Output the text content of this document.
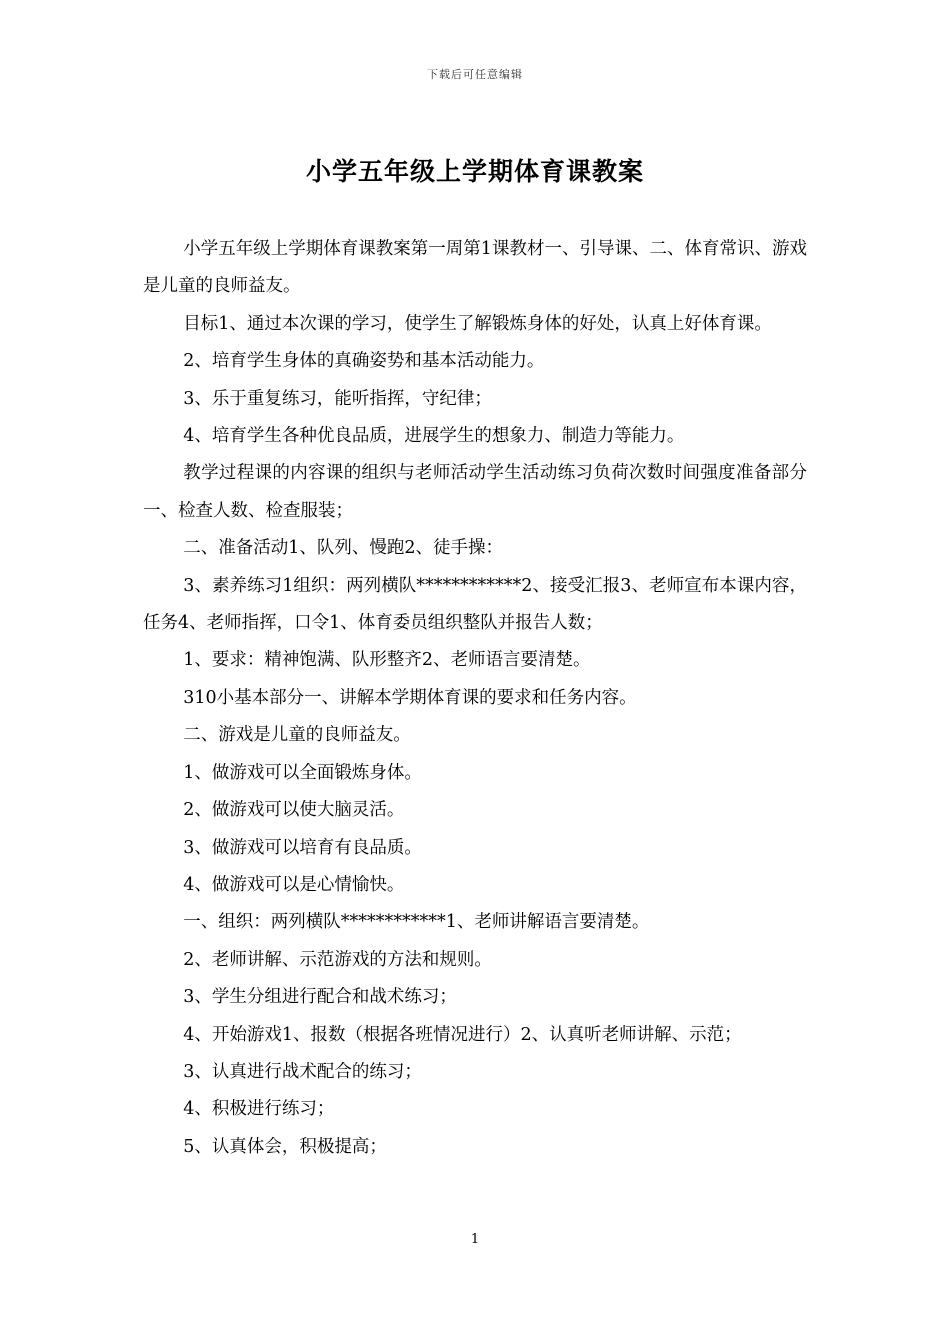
下载后可任意编辑
小学五年级上学期体育课教案

小学五年级上学期体育课教案第一周第1课教材一、引导课、二、体育常识、游戏是儿童的良师益友。

目标1、通过本次课的学习，使学生了解锻炼身体的好处，认真上好体育课。

2、培育学生身体的真确姿势和基本活动能力。

3、乐于重复练习，能听指挥，守纪律；

4、培育学生各种优良品质，进展学生的想象力、制造力等能力。

教学过程课的内容课的组织与老师活动学生活动练习负荷次数时间强度准备部分一、检查人数、检查服装；

二、准备活动1、队列、慢跑2、徒手操：

3、素养练习1组织：两列横队************2、接受汇报3、老师宣布本课内容，任务4、老师指挥，口令1、体育委员组织整队并报告人数；

1、要求：精神饱满、队形整齐2、老师语言要清楚。

310小基本部分一、讲解本学期体育课的要求和任务内容。

二、游戏是儿童的良师益友。

1、做游戏可以全面锻炼身体。

2、做游戏可以使大脑灵活。

3、做游戏可以培育有良品质。

4、做游戏可以是心情愉快。

一、组织：两列横队************1、老师讲解语言要清楚。

2、老师讲解、示范游戏的方法和规则。

3、学生分组进行配合和战术练习；

4、开始游戏1、报数（根据各班情况进行）2、认真听老师讲解、示范；

3、认真进行战术配合的练习；

4、积极进行练习；

5、认真体会，积极提高；

1
